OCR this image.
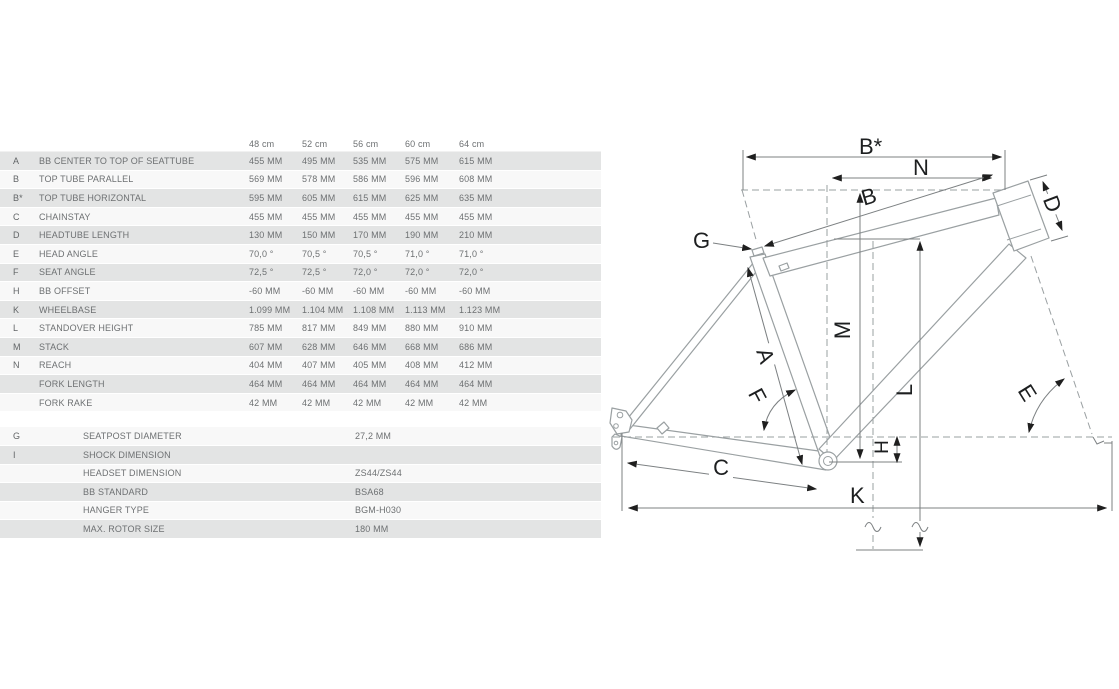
48 cm	52 cm	56 cm	60 cm	64 cm
A	BB CENTER TO TOP OF SEATTUBE	455 MM	495 MM	535 MM	575 MM	615 MM
B	TOP TUBE PARALLEL	569 MM	578 MM	586 MM	596 MM	608 MM
B*	TOP TUBE HORIZONTAL	595 MM	605 MM	615 MM	625 MM	635 MM
C	CHAINSTAY	455 MM	455 MM	455 MM	455 MM	455 MM
D	HEADTUBE LENGTH	130 MM	150 MM	170 MM	190 MM	210 MM
E	HEAD ANGLE	70,0 °	70,5 °	70,5 °	71,0 °	71,0 °
F	SEAT ANGLE	72,5 °	72,5 °	72,0 °	72,0 °	72,0 °
H	BB OFFSET	-60 MM	-60 MM	-60 MM	-60 MM	-60 MM
K	WHEELBASE	1.099 MM	1.104 MM	1.108 MM	1.113 MM	1.123 MM
L	STANDOVER HEIGHT	785 MM	817 MM	849 MM	880 MM	910 MM
M	STACK	607 MM	628 MM	646 MM	668 MM	686 MM
N	REACH	404 MM	407 MM	405 MM	408 MM	412 MM
FORK LENGTH	464 MM	464 MM	464 MM	464 MM	464 MM
FORK RAKE	42 MM	42 MM	42 MM	42 MM	42 MM
G	SEATPOST DIAMETER	27,2 MM
I	SHOCK DIMENSION
HEADSET DIMENSION	ZS44/ZS44
BB STANDARD	BSA68
HANGER TYPE	BGM-H030
MAX. ROTOR SIZE	180 MM
B*
N
B	D
G
A
F
M
H
L
C
K
E
